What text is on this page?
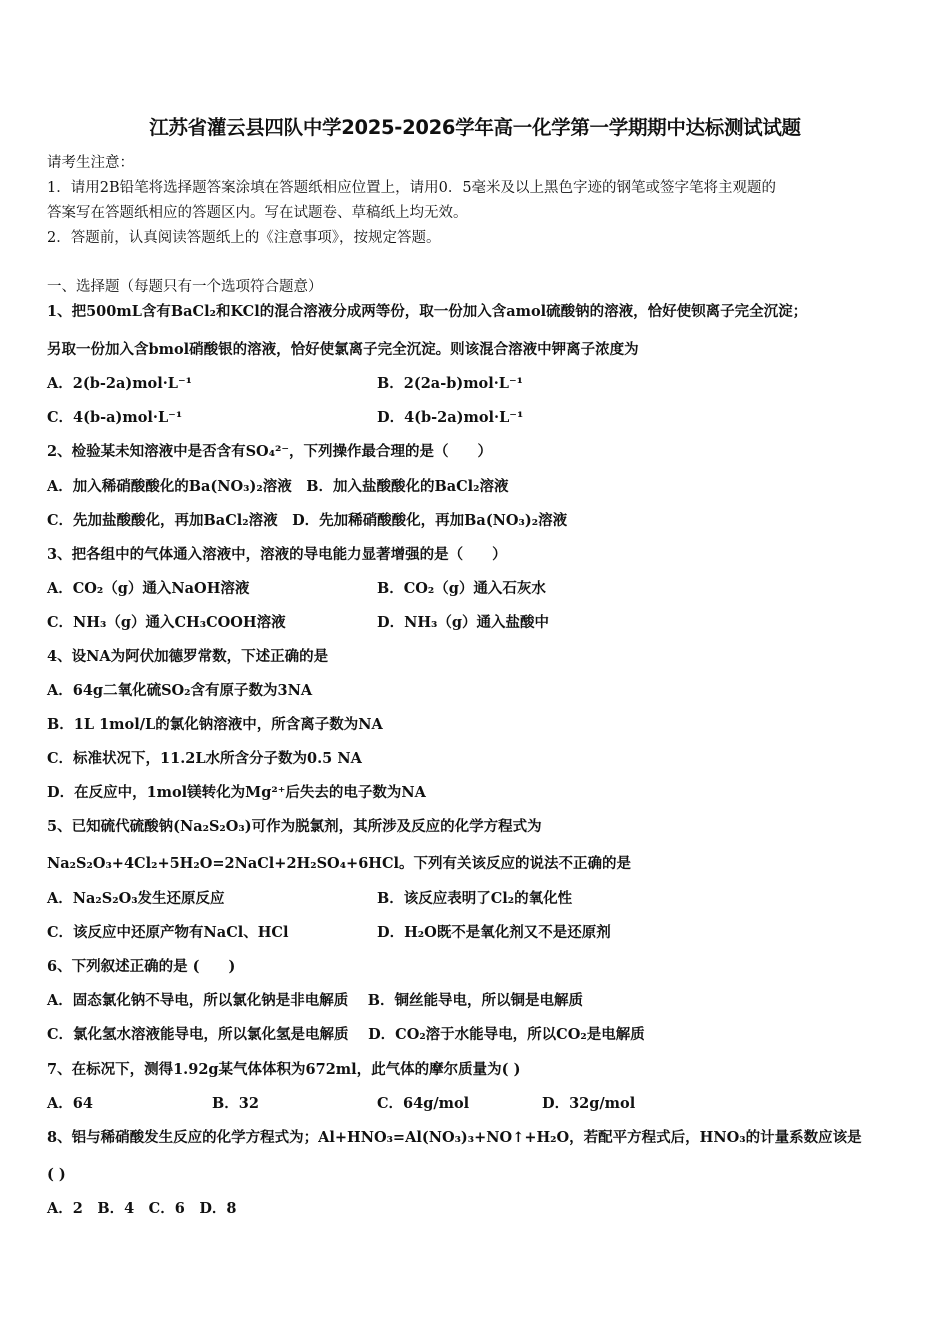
江苏省灌云县四队中学2025-2026学年高一化学第一学期期中达标测试试题
请考生注意：
1．请用2B铅笔将选择题答案涂填在答题纸相应位置上，请用0．5毫米及以上黑色字迹的钢笔或签字笔将主观题的
答案写在答题纸相应的答题区内。写在试题卷、草稿纸上均无效。
2．答题前，认真阅读答题纸上的《注意事项》，按规定答题。
一、选择题（每题只有一个选项符合题意）
1、把500mL含有BaCl₂和KCl的混合溶液分成两等份，取一份加入含amol硫酸钠的溶液，恰好使钡离子完全沉淀；
另取一份加入含bmol硝酸银的溶液，恰好使氯离子完全沉淀。则该混合溶液中钾离子浓度为
A．2(b-2a)mol·L⁻¹	B．2(2a-b)mol·L⁻¹
C．4(b-a)mol·L⁻¹	D．4(b-2a)mol·L⁻¹
2、检验某未知溶液中是否含有SO₄²⁻，下列操作最合理的是（　　）
A．加入稀硝酸酸化的Ba(NO₃)₂溶液　B．加入盐酸酸化的BaCl₂溶液
C．先加盐酸酸化，再加BaCl₂溶液　D．先加稀硝酸酸化，再加Ba(NO₃)₂溶液
3、把各组中的气体通入溶液中，溶液的导电能力显著增强的是（　　）
A．CO₂（g）通入NaOH溶液	B．CO₂（g）通入石灰水
C．NH₃（g）通入CH₃COOH溶液	D．NH₃（g）通入盐酸中
4、设NA为阿伏加德罗常数，下述正确的是
A．64g二氧化硫SO₂含有原子数为3NA
B．1L 1mol/L的氯化钠溶液中，所含离子数为NA
C．标准状况下，11.2L水所含分子数为0.5 NA
D．在反应中，1mol镁转化为Mg²⁺后失去的电子数为NA
5、已知硫代硫酸钠(Na₂S₂O₃)可作为脱氯剂，其所涉及反应的化学方程式为
Na₂S₂O₃+4Cl₂+5H₂O=2NaCl+2H₂SO₄+6HCl。下列有关该反应的说法不正确的是
A．Na₂S₂O₃发生还原反应	B．该反应表明了Cl₂的氧化性
C．该反应中还原产物有NaCl、HCl	D．H₂O既不是氧化剂又不是还原剂
6、下列叙述正确的是 (　　)
A．固态氯化钠不导电，所以氯化钠是非电解质　 B．铜丝能导电，所以铜是电解质
C．氯化氢水溶液能导电，所以氯化氢是电解质　 D．CO₂溶于水能导电，所以CO₂是电解质
7、在标况下，测得1.92g某气体体积为672ml，此气体的摩尔质量为( )
A．64	B．32	C．64g/mol	D．32g/mol
8、铝与稀硝酸发生反应的化学方程式为；Al+HNO₃=Al(NO₃)₃+NO↑+H₂O，若配平方程式后，HNO₃的计量系数应该是
( )
A．2　B．4　C．6　D．8
